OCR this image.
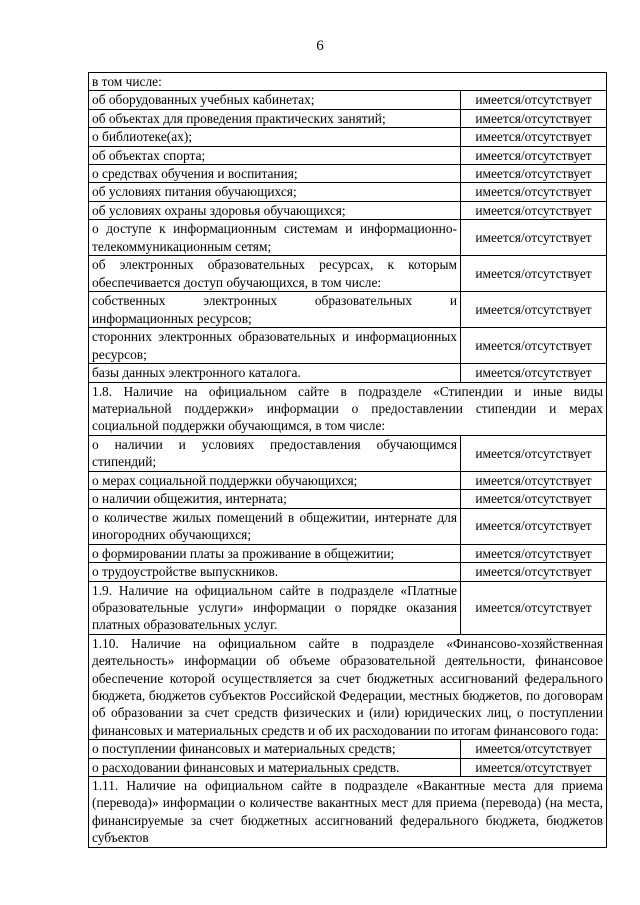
6
в том числе:	
об оборудованных учебных кабинетах;	имеется/отсутствует
об объектах для проведения практических занятий;	имеется/отсутствует
о библиотеке(ах);	имеется/отсутствует
об объектах спорта;	имеется/отсутствует
о средствах обучения и воспитания;	имеется/отсутствует
об условиях питания обучающихся;	имеется/отсутствует
об условиях охраны здоровья обучающихся;	имеется/отсутствует
о доступе к информационным системам и информационно-телекоммуникационным сетям;	имеется/отсутствует
об электронных образовательных ресурсах, к которым обеспечивается доступ обучающихся, в том числе:	имеется/отсутствует
собственных электронных образовательных и информационных ресурсов;	имеется/отсутствует
сторонних электронных образовательных и информационных ресурсов;	имеется/отсутствует
базы данных электронного каталога.	имеется/отсутствует
1.8. Наличие на официальном сайте в подразделе «Стипендии и иные виды материальной поддержки» информации о предоставлении стипендии и мерах социальной поддержки обучающимся, в том числе:	
о наличии и условиях предоставления обучающимся стипендий;	имеется/отсутствует
о мерах социальной поддержки обучающихся;	имеется/отсутствует
о наличии общежития, интерната;	имеется/отсутствует
о количестве жилых помещений в общежитии, интернате для иногородних обучающихся;	имеется/отсутствует
о формировании платы за проживание в общежитии;	имеется/отсутствует
о трудоустройстве выпускников.	имеется/отсутствует
1.9. Наличие на официальном сайте в подразделе «Платные образовательные услуги» информации о порядке оказания платных образовательных услуг.	имеется/отсутствует
1.10. Наличие на официальном сайте в подразделе «Финансово-хозяйственная деятельность» информации об объеме образовательной деятельности, финансовое обеспечение которой осуществляется за счет бюджетных ассигнований федерального бюджета, бюджетов субъектов Российской Федерации, местных бюджетов, по договорам об образовании за счет средств физических и (или) юридических лиц, о поступлении финансовых и материальных средств и об их расходовании по итогам финансового года:	
о поступлении финансовых и материальных средств;	имеется/отсутствует
о расходовании финансовых и материальных средств.	имеется/отсутствует
1.11. Наличие на официальном сайте в подразделе «Вакантные места для приема (перевода)» информации о количестве вакантных мест для приема (перевода) (на места, финансируемые за счет бюджетных ассигнований федерального бюджета, бюджетов субъектов	
